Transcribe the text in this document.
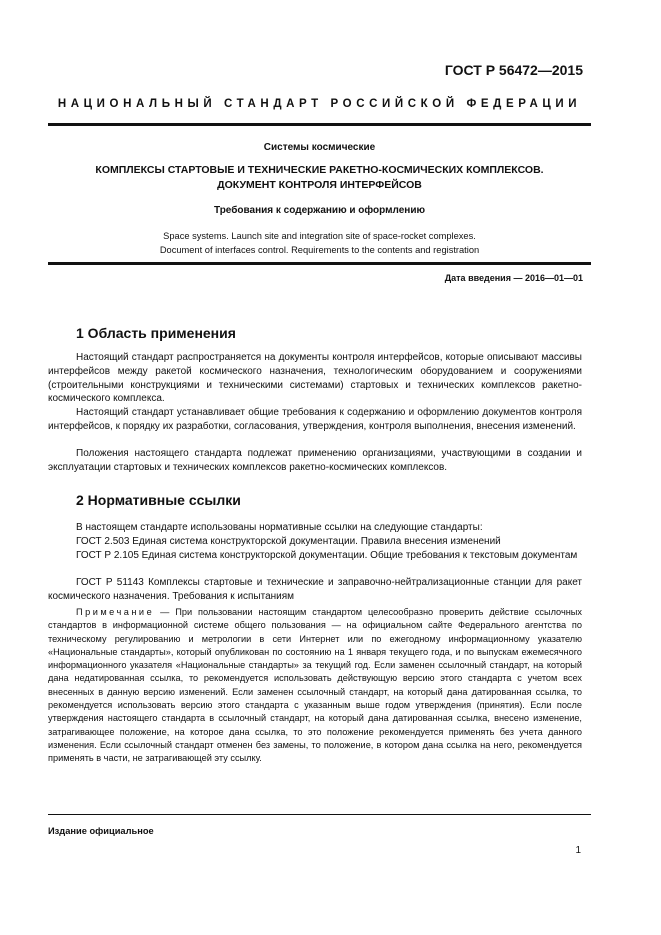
ГОСТ Р 56472—2015
НАЦИОНАЛЬНЫЙ СТАНДАРТ РОССИЙСКОЙ ФЕДЕРАЦИИ
Системы космические
КОМПЛЕКСЫ СТАРТОВЫЕ И ТЕХНИЧЕСКИЕ РАКЕТНО-КОСМИЧЕСКИХ КОМПЛЕКСОВ.
ДОКУМЕНТ КОНТРОЛЯ ИНТЕРФЕЙСОВ
Требования к содержанию и оформлению
Space systems. Launch site and integration site of space-rocket complexes.
Document of interfaces control. Requirements to the contents and registration
Дата введения — 2016—01—01
1 Область применения

Настоящий стандарт распространяется на документы контроля интерфейсов, которые описывают массивы интерфейсов между ракетой космического назначения, технологическим оборудованием и сооружениями (строительными конструкциями и техническими системами) стартовых и технических комплексов ракетно-космического комплекса.

Настоящий стандарт устанавливает общие требования к содержанию и оформлению документов контроля интерфейсов, к порядку их разработки, согласования, утверждения, контроля выполнения, внесения изменений.

Положения настоящего стандарта подлежат применению организациями, участвующими в создании и эксплуатации стартовых и технических комплексов ракетно-космических комплексов.

2 Нормативные ссылки

В настоящем стандарте использованы нормативные ссылки на следующие стандарты:

ГОСТ 2.503 Единая система конструкторской документации. Правила внесения изменений

ГОСТ Р 2.105 Единая система конструкторской документации. Общие требования к текстовым документам

ГОСТ Р 51143 Комплексы стартовые и технические и заправочно-нейтрализационные станции для ракет космического назначения. Требования к испытаниям

Примечание — При пользовании настоящим стандартом целесообразно проверить действие ссылочных стандартов в информационной системе общего пользования — на официальном сайте Федерального агентства по техническому регулированию и метрологии в сети Интернет или по ежегодному информационному указателю «Национальные стандарты», который опубликован по состоянию на 1 января текущего года, и по выпускам ежемесячного информационного указателя «Национальные стандарты» за текущий год. Если заменен ссылочный стандарт, на который дана недатированная ссылка, то рекомендуется использовать действующую версию этого стандарта с учетом всех внесенных в данную версию изменений. Если заменен ссылочный стандарт, на который дана датированная ссылка, то рекомендуется использовать версию этого стандарта с указанным выше годом утверждения (принятия). Если после утверждения настоящего стандарта в ссылочный стандарт, на который дана датированная ссылка, внесено изменение, затрагивающее положение, на которое дана ссылка, то это положение рекомендуется применять без учета данного изменения. Если ссылочный стандарт отменен без замены, то положение, в котором дана ссылка на него, рекомендуется применять в части, не затрагивающей эту ссылку.

Издание официальное
1
